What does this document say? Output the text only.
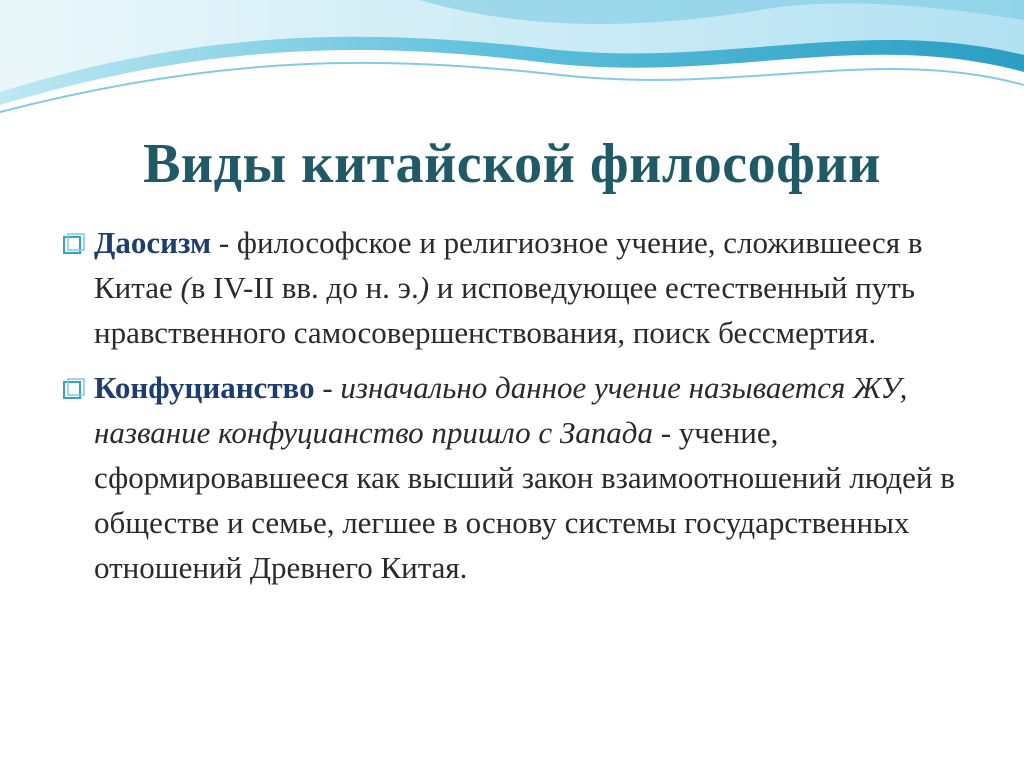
Виды китайской философии
Даосизм - философское и религиозное учение, сложившееся в Китае (в IV-II вв. до н. э.) и исповедующее естественный путь нравственного самосовершенствования, поиск бессмертия.
Конфуцианство - изначально данное учение называется ЖУ, название конфуцианство пришло с Запада - учение, сформировавшееся как высший закон взаимоотношений людей в обществе и семье, легшее в основу системы государственных отношений Древнего Китая.
